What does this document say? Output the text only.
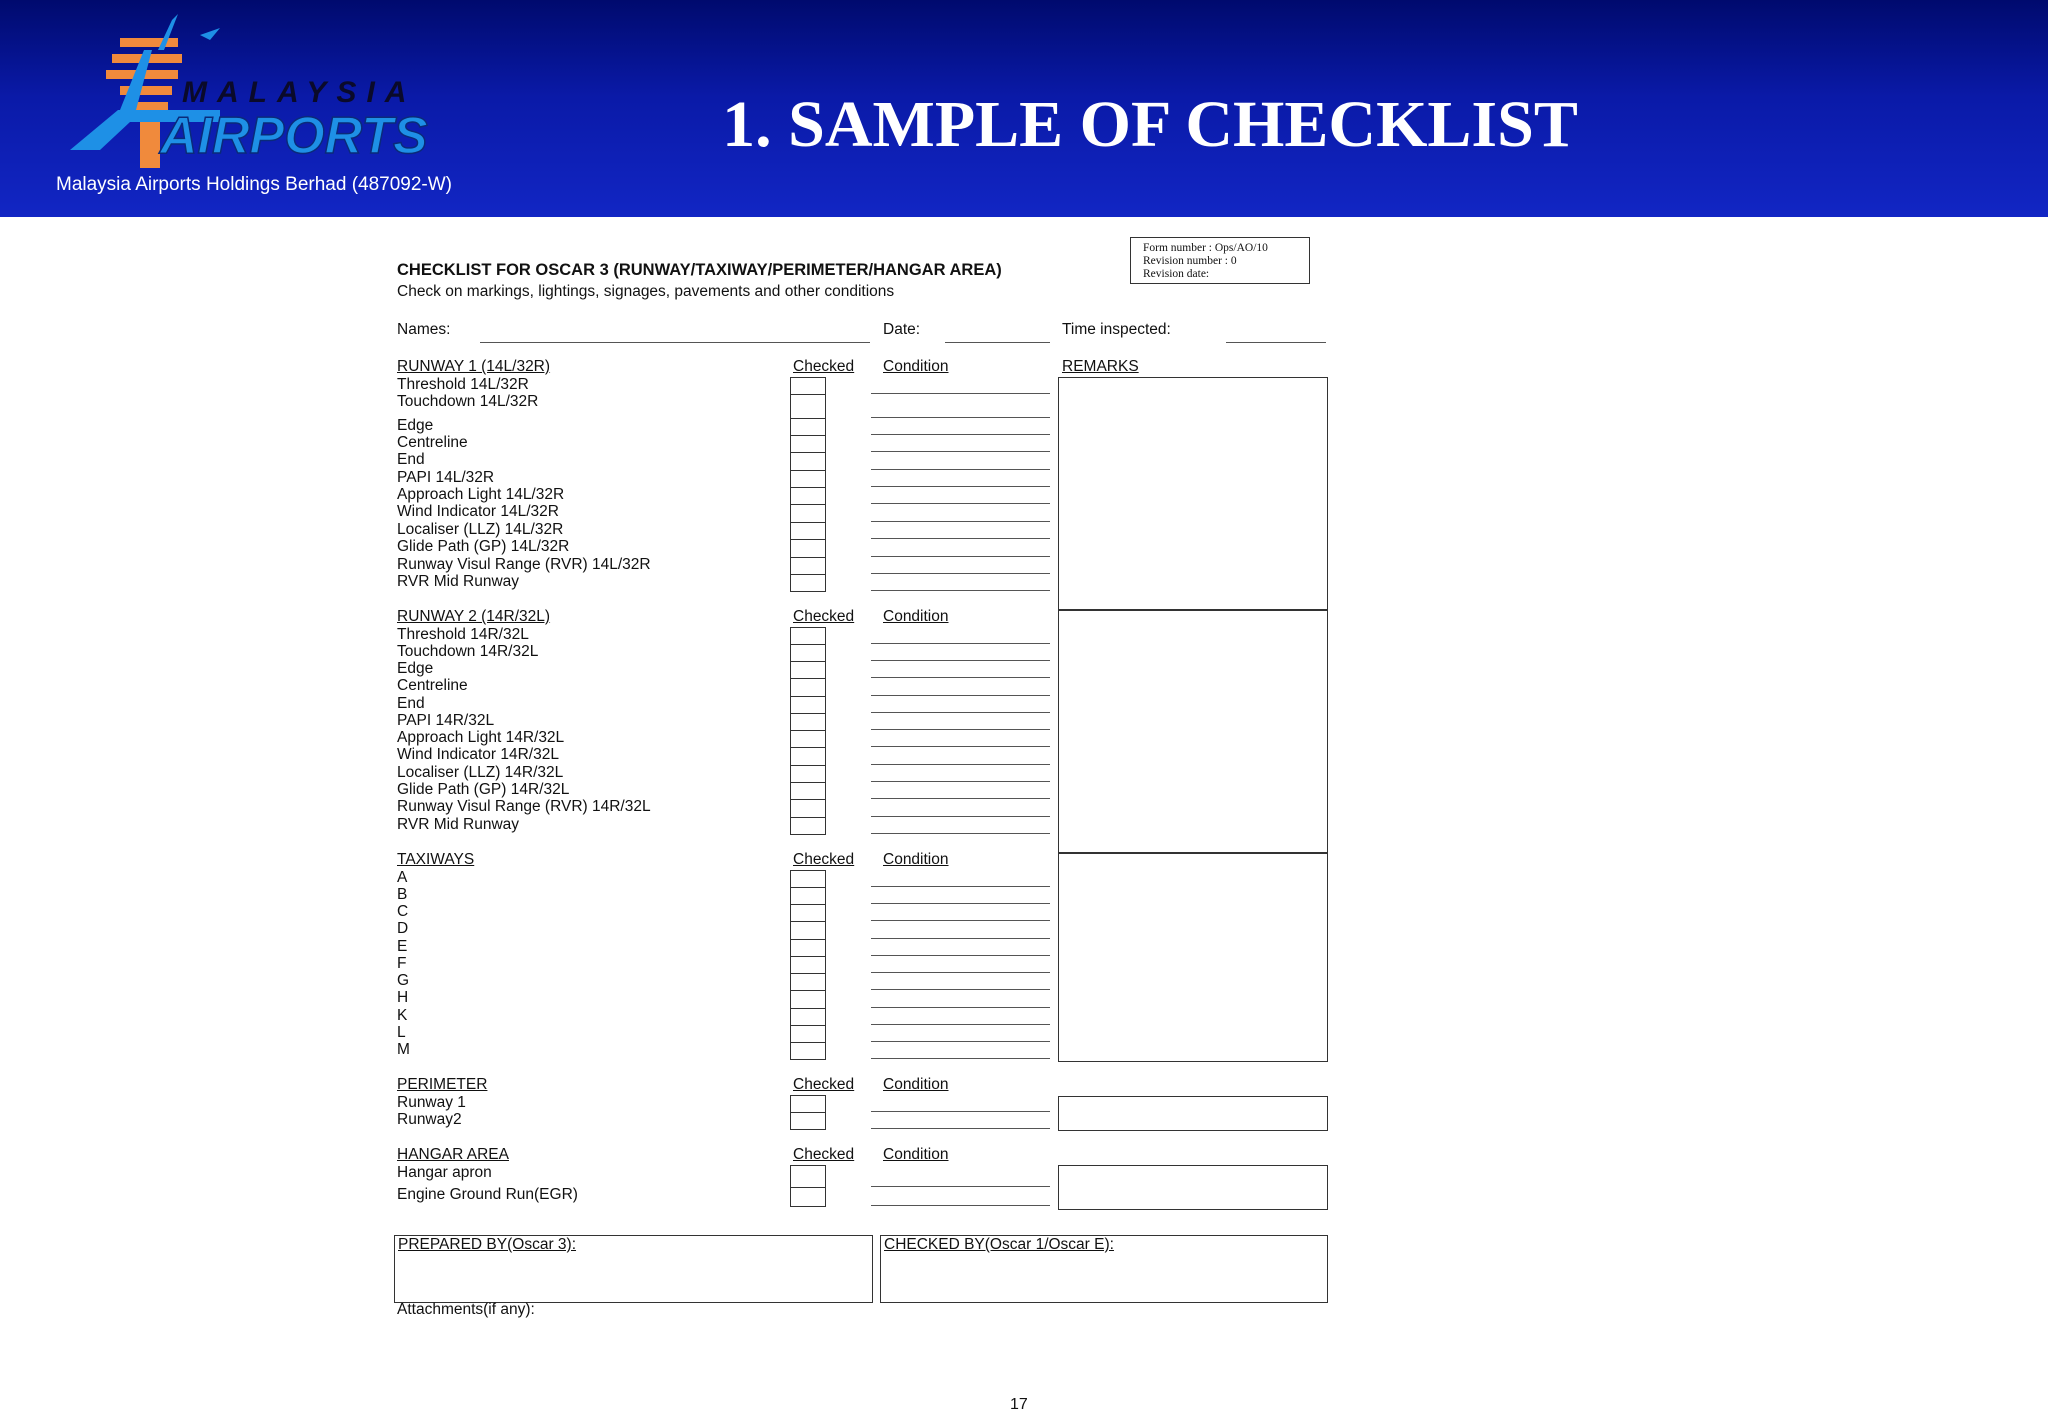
MALAYSIA
AIRPORTS	1. SAMPLE OF CHECKLIST
Malaysia Airports Holdings Berhad (487092-W)
Form number : Ops/AO/10
Revision number : 0
Revision date:
CHECKLIST FOR OSCAR 3 (RUNWAY/TAXIWAY/PERIMETER/HANGAR AREA)
Check on markings, lightings, signages, pavements and other conditions
Names:	Date:	Time inspected:
RUNWAY 1 (14L/32R)	Checked Condition
Threshold 14L/32R
Touchdown 14L/32R
Edge
Centreline
End
PAPI 14L/32R
Approach Light 14L/32R
Wind Indicator 14L/32R
Localiser (LLZ) 14L/32R
Glide Path (GP) 14L/32R
Runway Visul Range (RVR) 14L/32R
RVR Mid Runway
RUNWAY 2 (14R/32L)	Checked Condition
Threshold 14R/32L
Touchdown 14R/32L
Edge
Centreline
End
PAPI 14R/32L
Approach Light 14R/32L
Wind Indicator 14R/32L
Localiser (LLZ) 14R/32L
Glide Path (GP) 14R/32L
Runway Visul Range (RVR) 14R/32L
RVR Mid Runway
TAXIWAYS	Checked Condition
A
B
C
D
E
F
G
H
K
L
M
PERIMETER	Checked Condition
Runway 1
Runway2
HANGAR AREA	Checked Condition
Hangar apron
Engine Ground Run(EGR)
REMARKS
PREPARED BY(Oscar 3):	CHECKED BY(Oscar 1/Oscar E):
Attachments(if any):
17
